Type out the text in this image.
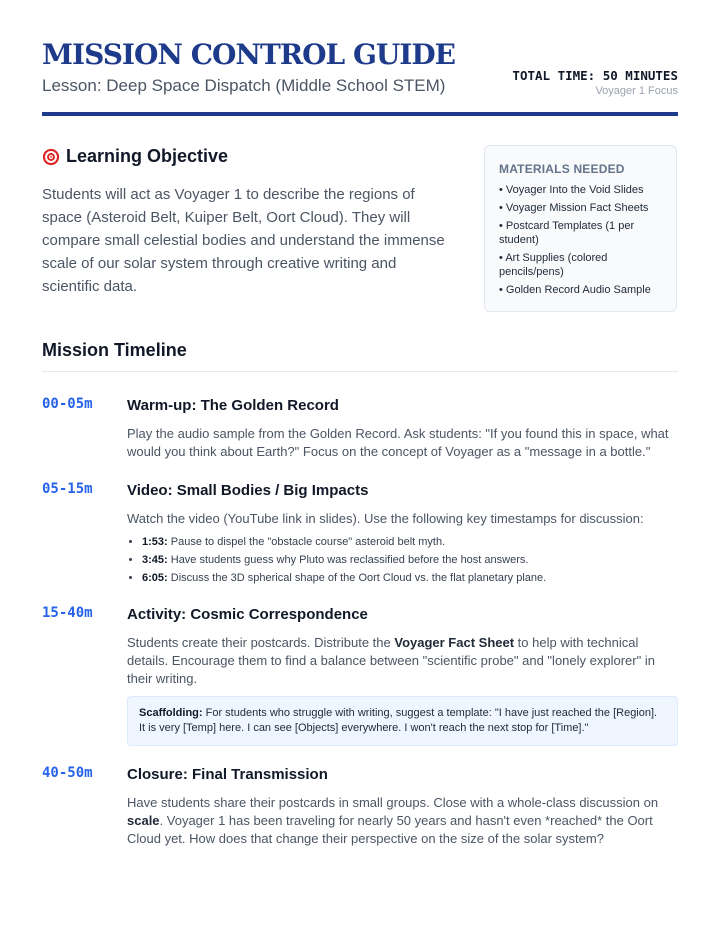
MISSION CONTROL GUIDE
Lesson: Deep Space Dispatch (Middle School STEM)
TOTAL TIME: 50 MINUTES
Voyager 1 Focus
Learning Objective

Students will act as Voyager 1 to describe the regions of space (Asteroid Belt, Kuiper Belt, Oort Cloud). They will compare small celestial bodies and understand the immense scale of our solar system through creative writing and scientific data.

MATERIALS NEEDED
• Voyager Into the Void Slides
• Voyager Mission Fact Sheets
• Postcard Templates (1 per student)
• Art Supplies (colored pencils/pens)
• Golden Record Audio Sample
Mission Timeline
00-05m Warm-up: The Golden Record

Play the audio sample from the Golden Record. Ask students: "If you found this in space, what would you think about Earth?" Focus on the concept of Voyager as a "message in a bottle."

05-15m Video: Small Bodies / Big Impacts

Watch the video (YouTube link in slides). Use the following key timestamps for discussion:

• 1:53: Pause to dispel the "obstacle course" asteroid belt myth.
• 3:45: Have students guess why Pluto was reclassified before the host answers.
• 6:05: Discuss the 3D spherical shape of the Oort Cloud vs. the flat planetary plane.
15-40m Activity: Cosmic Correspondence

Students create their postcards. Distribute the Voyager Fact Sheet to help with technical details. Encourage them to find a balance between "scientific probe" and "lonely explorer" in their writing.

Scaffolding: For students who struggle with writing, suggest a template: "I have just reached the [Region]. It is very [Temp] here. I can see [Objects] everywhere. I won't reach the next stop for [Time]."
40-50m Closure: Final Transmission

Have students share their postcards in small groups. Close with a whole-class discussion on scale. Voyager 1 has been traveling for nearly 50 years and hasn't even *reached* the Oort Cloud yet. How does that change their perspective on the size of the solar system?
